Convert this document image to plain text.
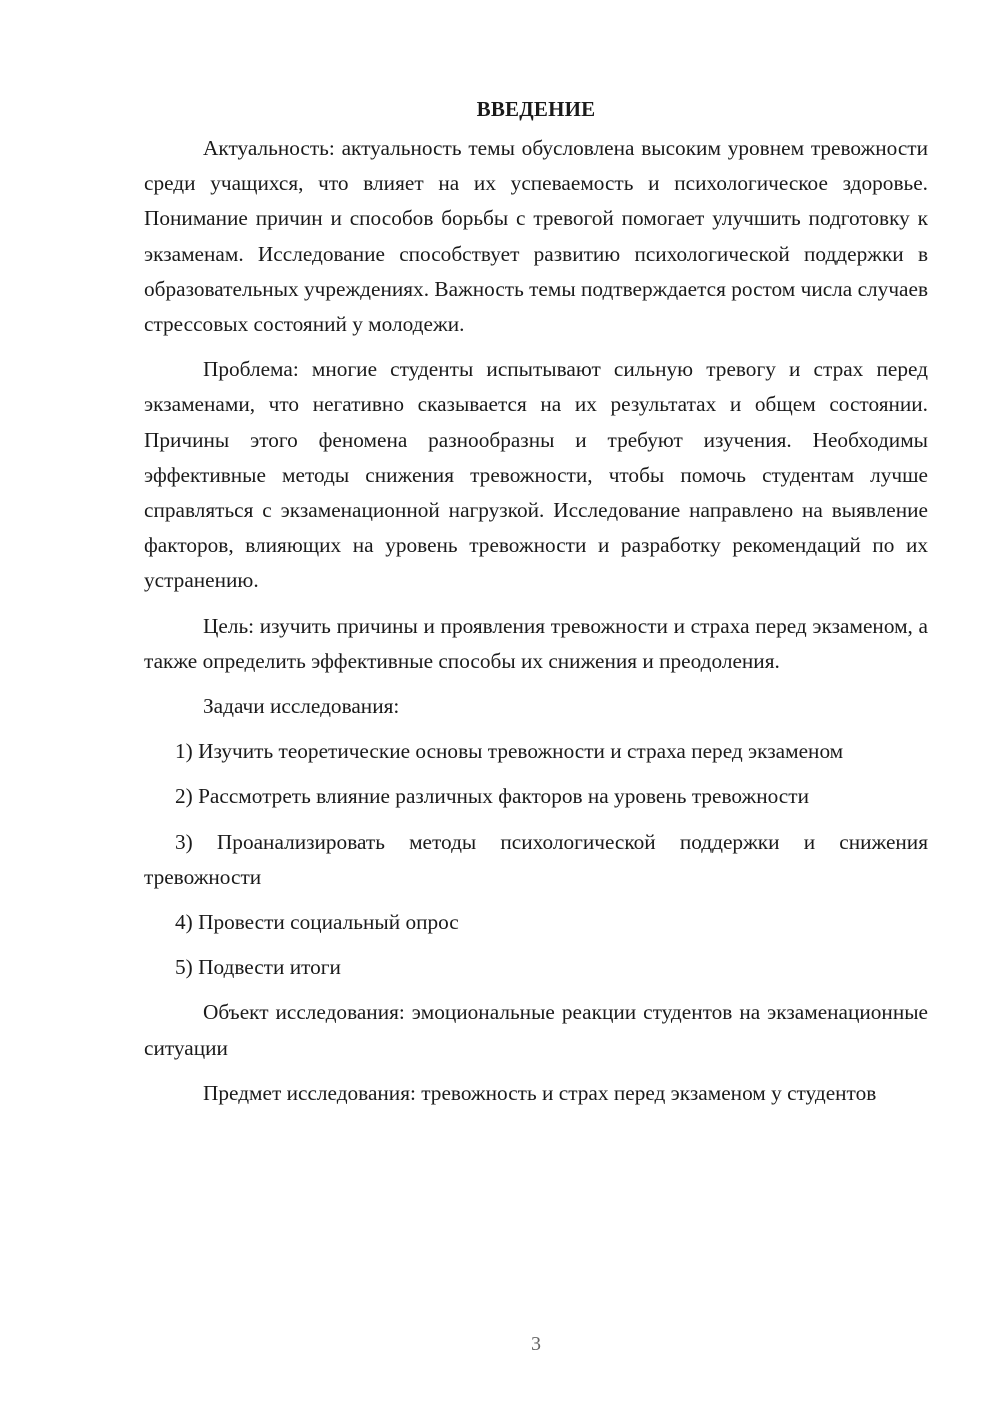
ВВЕДЕНИЕ

Актуальность: актуальность темы обусловлена высоким уровнем тревожности среди учащихся, что влияет на их успеваемость и психологическое здоровье. Понимание причин и способов борьбы с тревогой помогает улучшить подготовку к экзаменам. Исследование способствует развитию психологической поддержки в образовательных учреждениях. Важность темы подтверждается ростом числа случаев стрессовых состояний у молодежи.

Проблема: многие студенты испытывают сильную тревогу и страх перед экзаменами, что негативно сказывается на их результатах и общем состоянии. Причины этого феномена разнообразны и требуют изучения. Необходимы эффективные методы снижения тревожности, чтобы помочь студентам лучше справляться с экзаменационной нагрузкой. Исследование направлено на выявление факторов, влияющих на уровень тревожности и разработку рекомендаций по их устранению.

Цель: изучить причины и проявления тревожности и страха перед экзаменом, а также определить эффективные способы их снижения и преодоления.

Задачи исследования:

1) Изучить теоретические основы тревожности и страха перед экзаменом

2) Рассмотреть влияние различных факторов на уровень тревожности

3) Проанализировать методы психологической поддержки и снижения тревожности

4) Провести социальный опрос

5) Подвести итоги

Объект исследования: эмоциональные реакции студентов на экзаменационные ситуации

Предмет исследования: тревожность и страх перед экзаменом у студентов

3
